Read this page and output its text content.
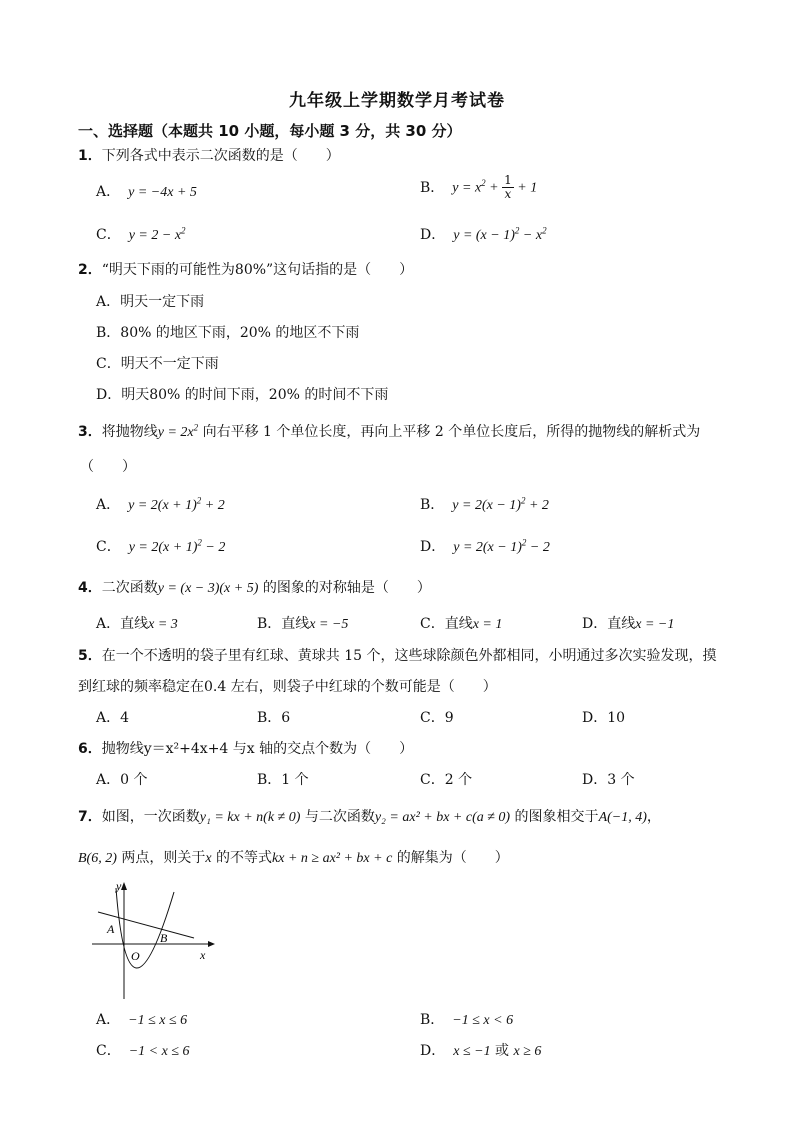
九年级上学期数学月考试卷
一、选择题（本题共 10 小题，每小题 3 分，共 30 分）
1．下列各式中表示二次函数的是（　　）
A． y = −4x + 5	B． $y = x^2 + \frac{1}{x} + 1$
C． $y = 2 - x^2$	D． $y = (x - 1)^2 - x^2$
2．“明天下雨的可能性为80%”这句话指的是（　　）
A．明天一定下雨
B．80% 的地区下雨，20% 的地区不下雨
C．明天不一定下雨
D．明天80% 的时间下雨，20% 的时间不下雨
3．将抛物线$y = 2x^2$ 向右平移 1 个单位长度，再向上平移 2 个单位长度后，所得的抛物线的解析式为
（　　）
A． $y = 2(x + 1)^2 + 2$	B． $y = 2(x - 1)^2 + 2$
C． $y = 2(x + 1)^2 - 2$	D． $y = 2(x - 1)^2 - 2$
4．二次函数y = (x − 3)(x + 5) 的图象的对称轴是（　　）
A．直线x = 3	B．直线x = −5	C．直线x = 1	D．直线x = −1
5．在一个不透明的袋子里有红球、黄球共 15 个，这些球除颜色外都相同，小明通过多次实验发现，摸
到红球的频率稳定在0.4 左右，则袋子中红球的个数可能是（　　）
A．4	B．6	C．9	D．10
6．抛物线y＝x²+4x+4 与x 轴的交点个数为（　　）
A．0 个	B．1 个	C．2 个	D．3 个
7．如图，一次函数y₁ = kx + n(k ≠ 0) 与二次函数y₂ = ax² + bx + c(a ≠ 0) 的图象相交于A(−1, 4)，
B(6, 2) 两点，则关于x 的不等式kx + n ≥ ax² + bx + c 的解集为（　　）
y
x
O
A
B
A． −1 ≤ x ≤ 6	B． −1 ≤ x < 6
C． −1 < x ≤ 6	D． x ≤ −1 或 x ≥ 6
